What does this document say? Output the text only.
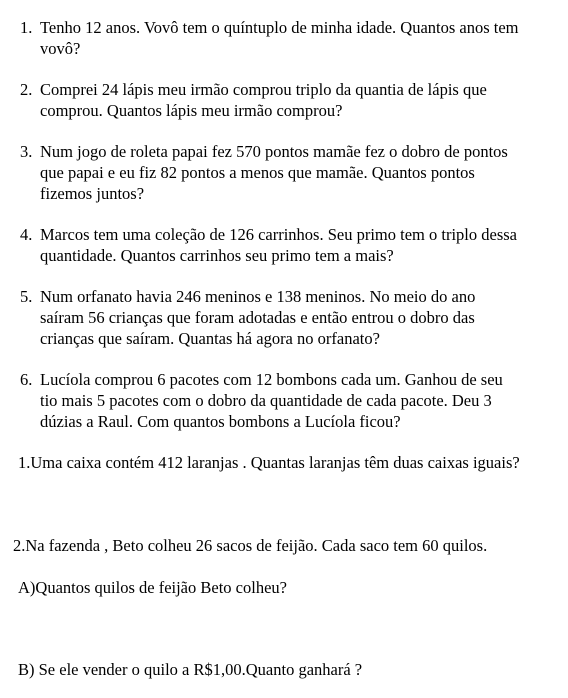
1. Tenho 12 anos. Vovô tem o quíntuplo de minha idade. Quantos anos tem
vovô?
2. Comprei 24 lápis meu irmão comprou triplo da quantia de lápis que
comprou. Quantos lápis meu irmão comprou?
3. Num jogo de roleta papai fez 570 pontos mamãe fez o dobro de pontos
que papai e eu fiz 82 pontos a menos que mamãe. Quantos pontos
fizemos juntos?
4. Marcos tem uma coleção de 126 carrinhos. Seu primo tem o triplo dessa
quantidade. Quantos carrinhos seu primo tem a mais?
5. Num orfanato havia 246 meninos e 138 meninos. No meio do ano
saíram 56 crianças que foram adotadas e então entrou o dobro das
crianças que saíram. Quantas há agora no orfanato?
6. Lucíola comprou 6 pacotes com 12 bombons cada um. Ganhou de seu
tio mais 5 pacotes com o dobro da quantidade de cada pacote. Deu 3
dúzias a Raul. Com quantos bombons a Lucíola ficou?
1.Uma caixa contém 412 laranjas . Quantas laranjas têm duas caixas iguais?
2.Na fazenda , Beto colheu 26 sacos de feijão. Cada saco tem 60 quilos.
A)Quantos quilos de feijão Beto colheu?
B) Se ele vender o quilo a R$1,00.Quanto ganhará ?
